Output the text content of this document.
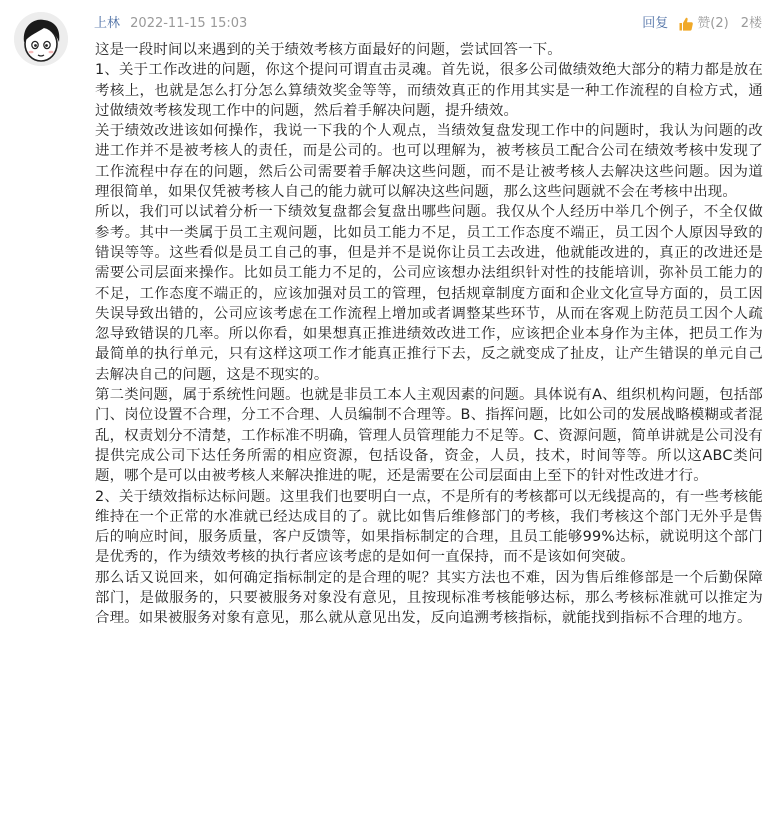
上林 2022-11-15 15:03	回复 赞(2) 2楼

这是一段时间以来遇到的关于绩效考核方面最好的问题，尝试回答一下。

1、关于工作改进的问题，你这个提问可谓直击灵魂。首先说，很多公司做绩效绝大部分的精力都是放在考核上，也就是怎么打分怎么算绩效奖金等等，而绩效真正的作用其实是一种工作流程的自检方式，通过做绩效考核发现工作中的问题，然后着手解决问题，提升绩效。

关于绩效改进该如何操作，我说一下我的个人观点，当绩效复盘发现工作中的问题时，我认为问题的改进工作并不是被考核人的责任，而是公司的。也可以理解为，被考核员工配合公司在绩效考核中发现了工作流程中存在的问题，然后公司需要着手解决这些问题，而不是让被考核人去解决这些问题。因为道理很简单，如果仅凭被考核人自己的能力就可以解决这些问题，那么这些问题就不会在考核中出现。

所以，我们可以试着分析一下绩效复盘都会复盘出哪些问题。我仅从个人经历中举几个例子，不全仅做参考。其中一类属于员工主观问题，比如员工能力不足，员工工作态度不端正，员工因个人原因导致的错误等等。这些看似是员工自己的事，但是并不是说你让员工去改进，他就能改进的，真正的改进还是需要公司层面来操作。比如员工能力不足的，公司应该想办法组织针对性的技能培训，弥补员工能力的不足，工作态度不端正的，应该加强对员工的管理，包括规章制度方面和企业文化宣导方面的，员工因失误导致出错的，公司应该考虑在工作流程上增加或者调整某些环节，从而在客观上防范员工因个人疏忽导致错误的几率。所以你看，如果想真正推进绩效改进工作，应该把企业本身作为主体，把员工作为最简单的执行单元，只有这样这项工作才能真正推行下去，反之就变成了扯皮，让产生错误的单元自己去解决自己的问题，这是不现实的。

第二类问题，属于系统性问题。也就是非员工本人主观因素的问题。具体说有A、组织机构问题，包括部门、岗位设置不合理，分工不合理、人员编制不合理等。B、指挥问题，比如公司的发展战略模糊或者混乱，权责划分不清楚，工作标准不明确，管理人员管理能力不足等。C、资源问题，简单讲就是公司没有提供完成公司下达任务所需的相应资源，包括设备，资金，人员，技术，时间等等。所以这ABC类问题，哪个是可以由被考核人来解决推进的呢，还是需要在公司层面由上至下的针对性改进才行。

2、关于绩效指标达标问题。这里我们也要明白一点，不是所有的考核都可以无线提高的，有一些考核能维持在一个正常的水准就已经达成目的了。就比如售后维修部门的考核，我们考核这个部门无外乎是售后的响应时间，服务质量，客户反馈等，如果指标制定的合理，且员工能够99%达标，就说明这个部门是优秀的，作为绩效考核的执行者应该考虑的是如何一直保持，而不是该如何突破。

那么话又说回来，如何确定指标制定的是合理的呢？其实方法也不难，因为售后维修部是一个后勤保障部门，是做服务的，只要被服务对象没有意见，且按现标准考核能够达标，那么考核标准就可以推定为合理。如果被服务对象有意见，那么就从意见出发，反向追溯考核指标，就能找到指标不合理的地方。
